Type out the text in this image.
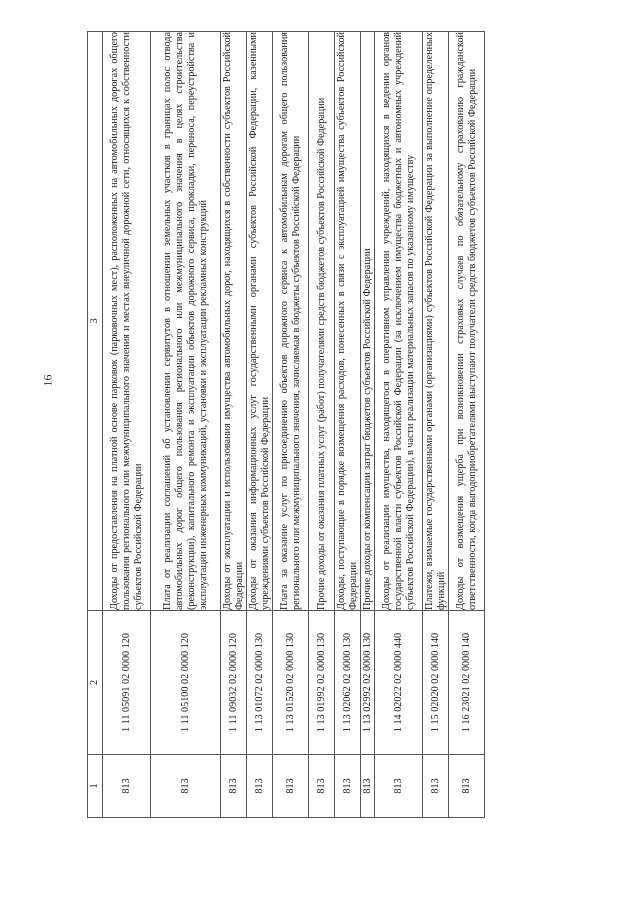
16
1	2	3
813	1 11 05091 02 0000 120	Доходы от предоставления на платной основе парковок (парковочных мест), расположенных на автомобильных дорогах общего пользования регионального или межмуниципального значения и местах внеуличной дорожной сети, относящихся к собственности субъектов Российской Федерации
813	1 11 05100 02 0000 120	Плата от реализации соглашений об установлении сервитутов в отношении земельных участков в границах полос отвода автомобильных дорог общего пользования регионального или межмуниципального значения в целях строительства (реконструкции), капитального ремонта и эксплуатации объектов дорожного сервиса, прокладки, переноса, переустройства и эксплуатации инженерных коммуникаций, установки и эксплуатации рекламных конструкций
813	1 11 09032 02 0000 120	Доходы от эксплуатации и использования имущества автомобильных дорог, находящихся в собственности субъектов Российской Федерации
813	1 13 01072 02 0000 130	Доходы от оказания информационных услуг государственными органами субъектов Российской Федерации, казенными учреждениями субъектов Российской Федерации
813	1 13 01520 02 0000 130	Плата за оказание услуг по присоединению объектов дорожного сервиса к автомобильным дорогам общего пользования регионального или межмуниципального значения, зачисляемая в бюджеты субъектов Российской Федерации
813	1 13 01992 02 0000 130	Прочие доходы от оказания платных услуг (работ) получателями средств бюджетов субъектов Российской Федерации
813	1 13 02062 02 0000 130	Доходы, поступающие в порядке возмещения расходов, понесенных в связи с эксплуатацией имущества субъектов Российской Федерации
813	1 13 02992 02 0000 130	Прочие доходы от компенсации затрат бюджетов субъектов Российской Федерации
813	1 14 02022 02 0000 440	Доходы от реализации имущества, находящегося в оперативном управлении учреждений, находящихся в ведении органов государственной власти субъектов Российской Федерации (за исключением имущества бюджетных и автономных учреждений субъектов Российской Федерации), в части реализации материальных запасов по указанному имуществу
813	1 15 02020 02 0000 140	Платежи, взимаемые государственными органами (организациями) субъектов Российской Федерации за выполнение определенных функций
813	1 16 23021 02 0000 140	Доходы от возмещения ущерба при возникновении страховых случаев по обязательному страхованию гражданской ответственности, когда выгодоприобретателями выступают получатели средств бюджетов субъектов Российской Федерации
